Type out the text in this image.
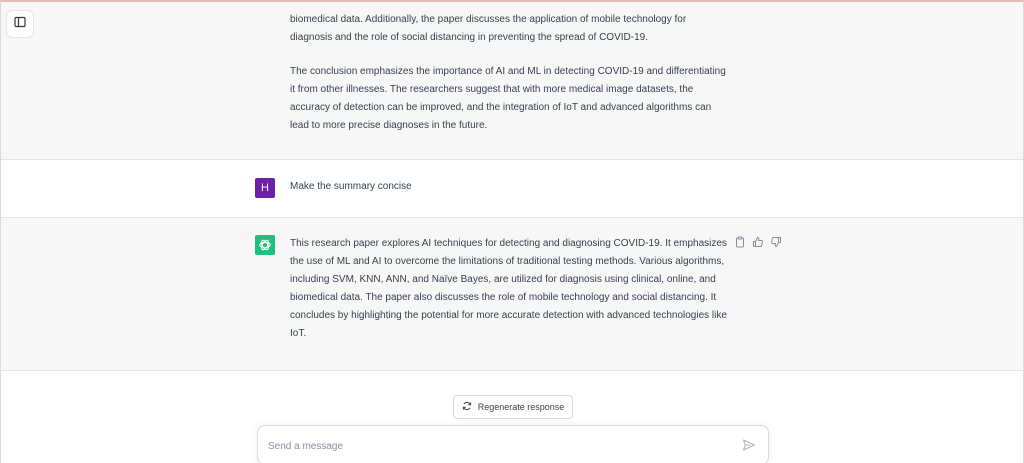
biomedical data. Additionally, the paper discusses the application of mobile technology for diagnosis and the role of social distancing in preventing the spread of COVID-19.

The conclusion emphasizes the importance of AI and ML in detecting COVID-19 and differentiating it from other illnesses. The researchers suggest that with more medical image datasets, the accuracy of detection can be improved, and the integration of IoT and advanced algorithms can lead to more precise diagnoses in the future.

H	Make the summary concise
This research paper explores AI techniques for detecting and diagnosing COVID-19. It emphasizes the use of ML and AI to overcome the limitations of traditional testing methods. Various algorithms, including SVM, KNN, ANN, and Naïve Bayes, are utilized for diagnosis using clinical, online, and biomedical data. The paper also discusses the role of mobile technology and social distancing. It concludes by highlighting the potential for more accurate detection with advanced technologies like IoT.
Regenerate response
Send a message
